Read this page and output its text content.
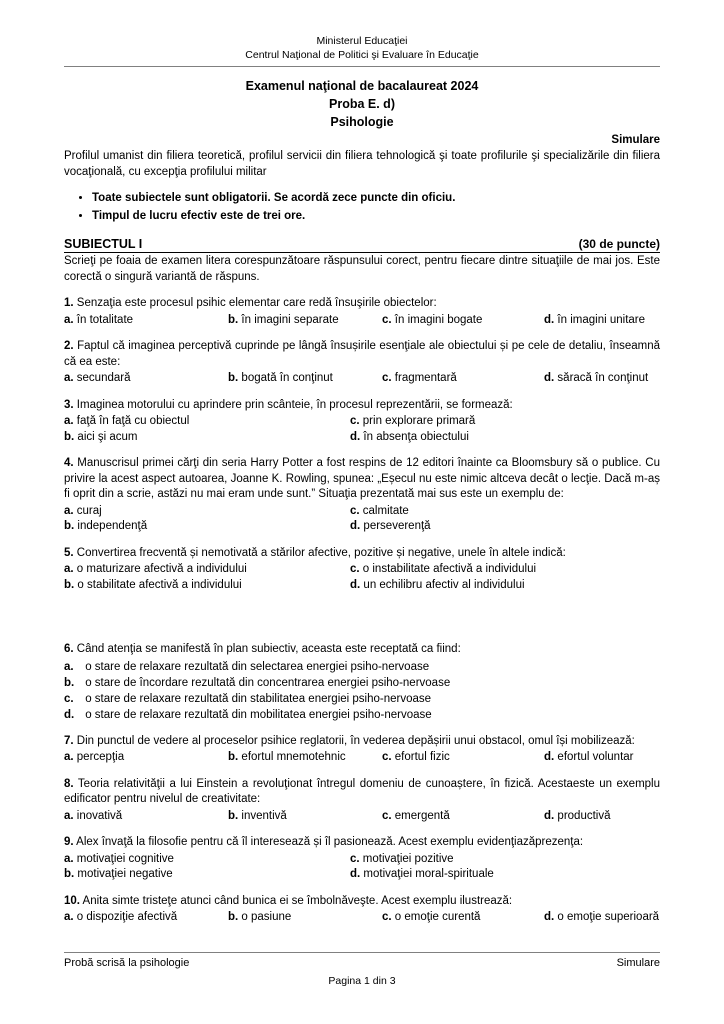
Ministerul Educaţiei
Centrul Naţional de Politici şi Evaluare în Educaţie
Examenul naţional de bacalaureat 2024
Proba E. d)
Psihologie
Simulare
Profilul umanist din filiera teoretică, profilul servicii din filiera tehnologică şi toate profilurile şi specializările din filiera vocaţională, cu excepţia profilului militar
• Toate subiectele sunt obligatorii. Se acordă zece puncte din oficiu.
• Timpul de lucru efectiv este de trei ore.
SUBIECTUL I	(30 de puncte)
Scrieţi pe foaia de examen litera corespunzătoare răspunsului corect, pentru fiecare dintre situaţiile de mai jos. Este corectă o singură variantă de răspuns.
1. Senzaţia este procesul psihic elementar care redă însuşirile obiectelor:
a. în totalitate	b. în imagini separate	c. în imagini bogate	d. în imagini unitare
2. Faptul că imaginea perceptivă cuprinde pe lângă însușirile esenţiale ale obiectului și pe cele de detaliu, înseamnă că ea este:
a. secundară	b. bogată în conţinut	c. fragmentară	d. săracă în conţinut
3. Imaginea motorului cu aprindere prin scânteie, în procesul reprezentării, se formează:
a. faţă în faţă cu obiectul	c. prin explorare primară
b. aici şi acum	d. în absenţa obiectului
4. Manuscrisul primei cărţi din seria Harry Potter a fost respins de 12 editori înainte ca Bloomsbury să o publice. Cu privire la acest aspect autoarea, Joanne K. Rowling, spunea: „Eșecul nu este nimic altceva decât o lecţie. Dacă m-aș fi oprit din a scrie, astăzi nu mai eram unde sunt.” Situaţia prezentată mai sus este un exemplu de:
a. curaj	c. calmitate
b. independenţă	d. perseverenţă
5. Convertirea frecventă și nemotivată a stărilor afective, pozitive și negative, unele în altele indică:
a. o maturizare afectivă a individului	c. o instabilitate afectivă a individului
b. o stabilitate afectivă a individului	d. un echilibru afectiv al individului
6. Când atenţia se manifestă în plan subiectiv, aceasta este receptată ca fiind:
a. o stare de relaxare rezultată din selectarea energiei psiho-nervoase
b. o stare de încordare rezultată din concentrarea energiei psiho-nervoase
c. o stare de relaxare rezultată din stabilitatea energiei psiho-nervoase
d. o stare de relaxare rezultată din mobilitatea energiei psiho-nervoase
7. Din punctul de vedere al proceselor psihice reglatorii, în vederea depășirii unui obstacol, omul își mobilizează:
a. percepţia	b. efortul mnemotehnic	c. efortul fizic	d. efortul voluntar
8. Teoria relativităţii a lui Einstein a revoluţionat întregul domeniu de cunoaștere, în fizică. Acestaeste un exemplu edificator pentru nivelul de creativitate:
a. inovativă	b. inventivă	c. emergentă	d. productivă
9. Alex învaţă la filosofie pentru că îl interesează și îl pasionează. Acest exemplu evidenţiazăprezenţa:
a. motivaţiei cognitive	c. motivaţiei pozitive
b. motivaţiei negative	d. motivaţiei moral-spirituale
10. Anita simte tristeţe atunci când bunica ei se îmbolnăveşte. Acest exemplu ilustrează:
a. o dispoziţie afectivă	b. o pasiune	c. o emoţie curentă	d. o emoţie superioară
Probă scrisă la psihologie	Simulare
Pagina 1 din 3
